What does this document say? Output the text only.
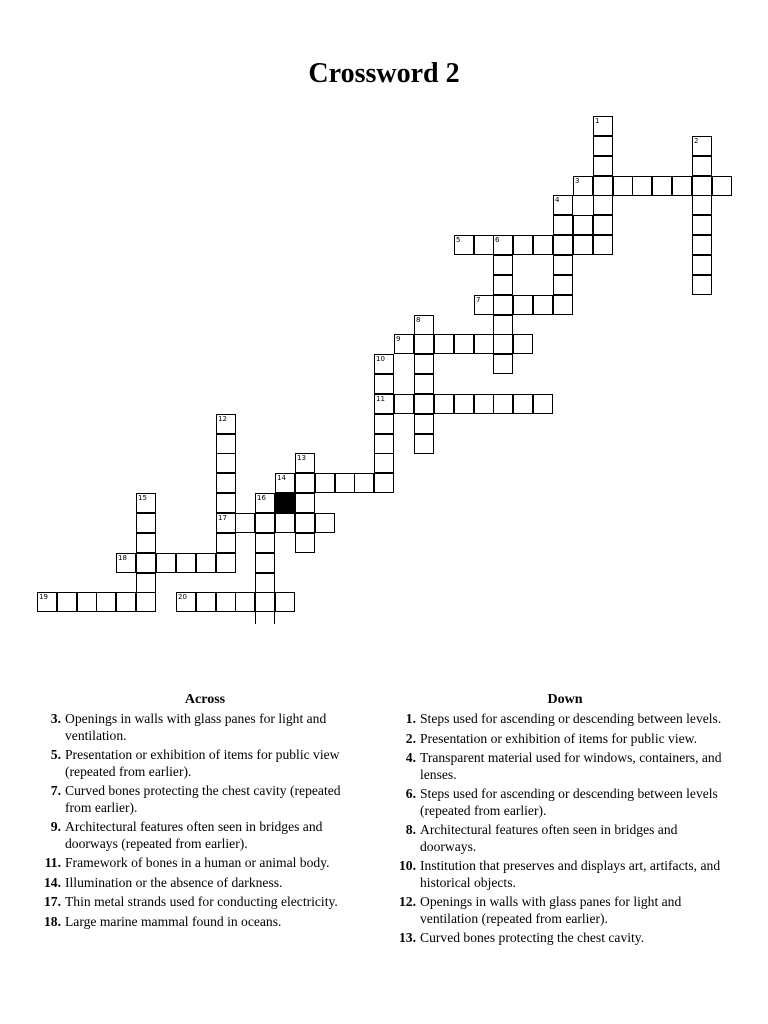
Crossword 2
1
2
3
4
5	6
7
8
9
10
11
12
13
14
15	16
17
18
19	20
Across
3. Openings in walls with glass panes for light and ventilation.
5. Presentation or exhibition of items for public view (repeated from earlier).
7. Curved bones protecting the chest cavity (repeated from earlier).
9. Architectural features often seen in bridges and doorways (repeated from earlier).
11. Framework of bones in a human or animal body.
14. Illumination or the absence of darkness.
17. Thin metal strands used for conducting electricity.
18. Large marine mammal found in oceans.
Down
1. Steps used for ascending or descending between levels.
2. Presentation or exhibition of items for public view.
4. Transparent material used for windows, containers, and lenses.
6. Steps used for ascending or descending between levels (repeated from earlier).
8. Architectural features often seen in bridges and doorways.
10. Institution that preserves and displays art, artifacts, and historical objects.
12. Openings in walls with glass panes for light and ventilation (repeated from earlier).
13. Curved bones protecting the chest cavity.
